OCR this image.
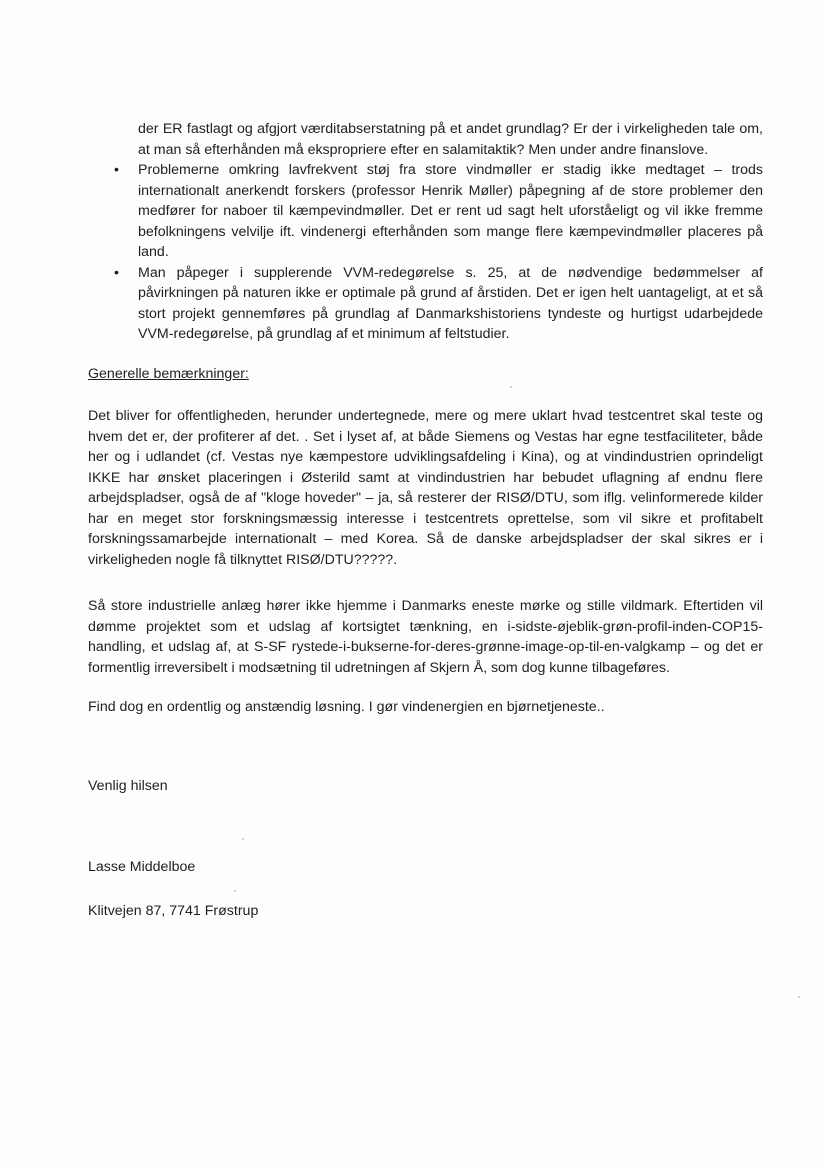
der ER fastlagt og afgjort værditabserstatning på et andet grundlag? Er der i virkeligheden tale om, at man så efterhånden må ekspropriere efter en salamitaktik? Men under andre finanslove.
• Problemerne omkring lavfrekvent støj fra store vindmøller er stadig ikke medtaget – trods internationalt anerkendt forskers (professor Henrik Møller) påpegning af de store problemer den medfører for naboer til kæmpevindmøller. Det er rent ud sagt helt uforståeligt og vil ikke fremme befolkningens velvilje ift. vindenergi efterhånden som mange flere kæmpevindmøller placeres på land.
• Man påpeger i supplerende VVM-redegørelse s. 25, at de nødvendige bedømmelser af påvirkningen på naturen ikke er optimale på grund af årstiden. Det er igen helt uantageligt, at et så stort projekt gennemføres på grundlag af Danmarkshistoriens tyndeste og hurtigst udarbejdede VVM-redegørelse, på grundlag af et minimum af feltstudier.
Generelle bemærkninger:
Det bliver for offentligheden, herunder undertegnede, mere og mere uklart hvad testcentret skal teste og hvem det er, der profiterer af det. . Set i lyset af, at både Siemens og Vestas har egne testfaciliteter, både her og i udlandet (cf. Vestas nye kæmpestore udviklingsafdeling i Kina), og at vindindustrien oprindeligt IKKE har ønsket placeringen i Østerild samt at vindindustrien har bebudet uflagning af endnu flere arbejdspladser, også de af "kloge hoveder" – ja, så resterer der RISØ/DTU, som iflg. velinformerede kilder har en meget stor forskningsmæssig interesse i testcentrets oprettelse, som vil sikre et profitabelt forskningssamarbejde internationalt – med Korea. Så de danske arbejdspladser der skal sikres er i virkeligheden nogle få tilknyttet RISØ/DTU?????.
Så store industrielle anlæg hører ikke hjemme i Danmarks eneste mørke og stille vildmark. Eftertiden vil dømme projektet som et udslag af kortsigtet tænkning, en i-sidste-øjeblik-grøn-profil-inden-COP15-handling, et udslag af, at S-SF rystede-i-bukserne-for-deres-grønne-image-op-til-en-valgkamp – og det er formentlig irreversibelt i modsætning til udretningen af Skjern Å, som dog kunne tilbageføres.
Find dog en ordentlig og anstændig løsning. I gør vindenergien en bjørnetjeneste..
Venlig hilsen
Lasse Middelboe
Klitvejen 87, 7741 Frøstrup
